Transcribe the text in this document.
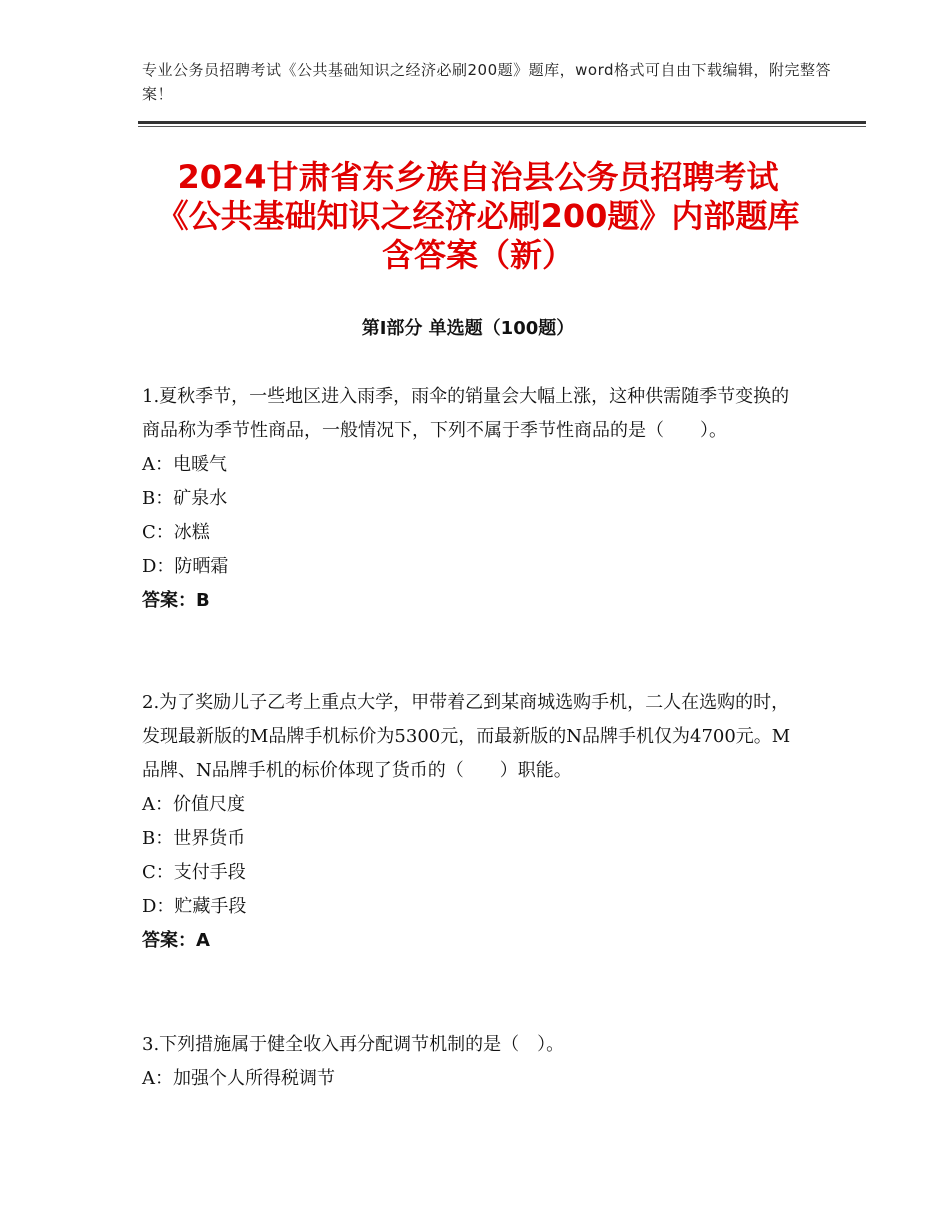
专业公务员招聘考试《公共基础知识之经济必刷200题》题库，word格式可自由下载编辑，附完整答案！
2024甘肃省东乡族自治县公务员招聘考试《公共基础知识之经济必刷200题》内部题库含答案（新）
第Ⅰ部分 单选题（100题）

1.夏秋季节，一些地区进入雨季，雨伞的销量会大幅上涨，这种供需随季节变换的商品称为季节性商品，一般情况下，下列不属于季节性商品的是（　　）。

A：电暖气
B：矿泉水
C：冰糕
D：防晒霜
答案：B

2.为了奖励儿子乙考上重点大学，甲带着乙到某商城选购手机，二人在选购的时，发现最新版的M品牌手机标价为5300元，而最新版的N品牌手机仅为4700元。M品牌、N品牌手机的标价体现了货币的（　　）职能。

A：价值尺度
B：世界货币
C：支付手段
D：贮藏手段
答案：A

3.下列措施属于健全收入再分配调节机制的是（　）。

A：加强个人所得税调节
